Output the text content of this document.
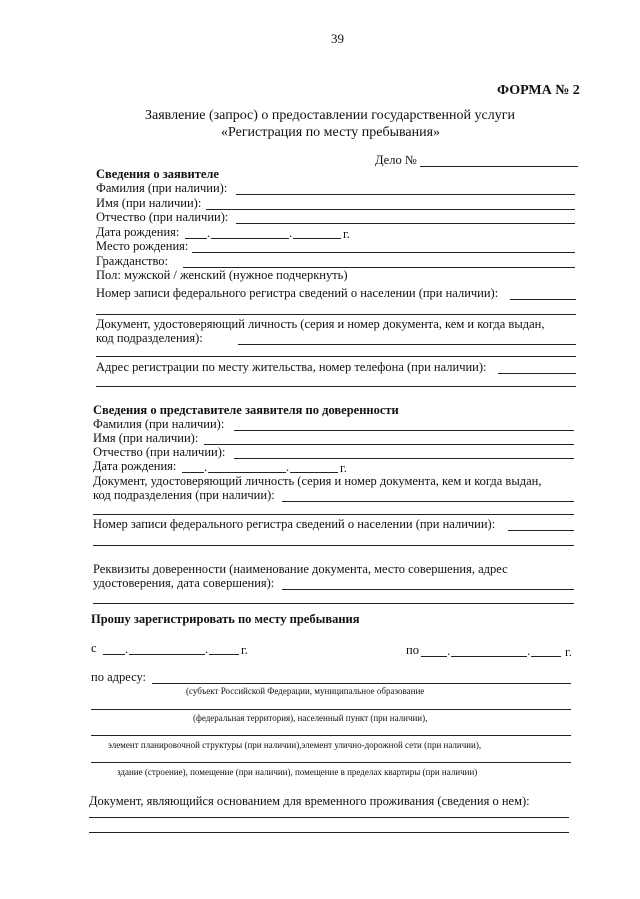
39
ФОРМА № 2
Заявление (запрос) о предоставлении государственной услуги
«Регистрация по месту пребывания»
Дело №
Сведения о заявителе
Фамилия (при наличии):
Имя (при наличии):
Отчество (при наличии):
Дата рождения: .	.	г.
Место рождения:
Гражданство:
Пол: мужской / женский (нужное подчеркнуть)
Номер записи федерального регистра сведений о населении (при наличии):
Документ, удостоверяющий личность (серия и номер документа, кем и когда выдан,
код подразделения):
Адрес регистрации по месту жительства, номер телефона (при наличии):
Сведения о представителе заявителя по доверенности
Фамилия (при наличии):
Имя (при наличии):
Отчество (при наличии):
Дата рождения: .	.	г.
Документ, удостоверяющий личность (серия и номер документа, кем и когда выдан,
код подразделения (при наличии):
Номер записи федерального регистра сведений о населении (при наличии):
Реквизиты доверенности (наименование документа, место совершения, адрес
удостоверения, дата совершения):
Прошу зарегистрировать по месту пребывания
с .	.	г.	по .	.	г.
по адресу:
(субъект Российской Федерации, муниципальное образование
(федеральная территория), населенный пункт (при наличии),
элемент планировочной структуры (при наличии),элемент улично-дорожной сети (при наличии),
здание (строение), помещение (при наличии), помещение в пределах квартиры (при наличии)
Документ, являющийся основанием для временного проживания (сведения о нем):
